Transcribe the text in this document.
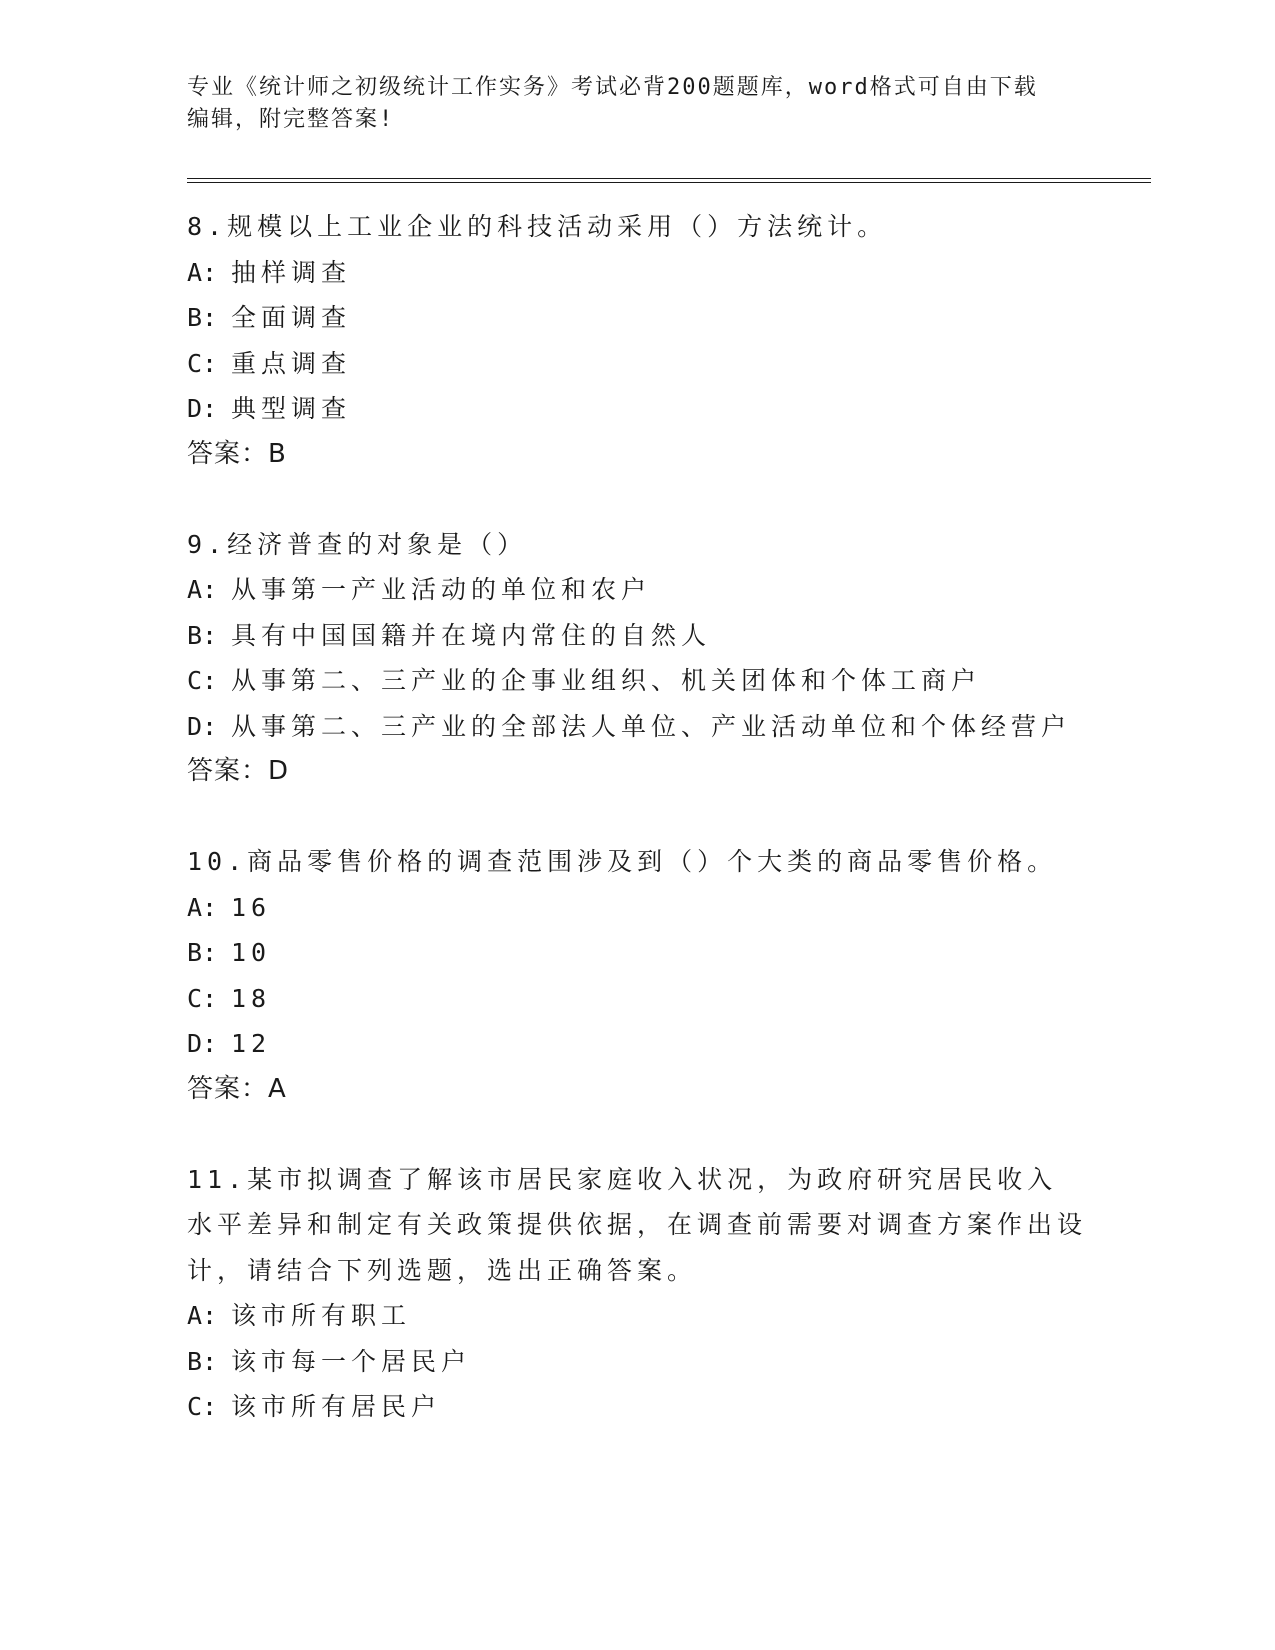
专业《统计师之初级统计工作实务》考试必背200题题库，word格式可自由下载
编辑，附完整答案!
8.规模以上工业企业的科技活动采用（）方法统计。
A: 抽样调查
B: 全面调查
C: 重点调查
D: 典型调查
答案：B
9.经济普查的对象是（）
A: 从事第一产业活动的单位和农户
B: 具有中国国籍并在境内常住的自然人
C: 从事第二、三产业的企事业组织、机关团体和个体工商户
D: 从事第二、三产业的全部法人单位、产业活动单位和个体经营户
答案：D
10.商品零售价格的调查范围涉及到（）个大类的商品零售价格。
A: 16
B: 10
C: 18
D: 12
答案：A
11.某市拟调查了解该市居民家庭收入状况，为政府研究居民收入水平差异和制定有关政策提供依据，在调查前需要对调查方案作出设计，请结合下列选题，选出正确答案。
A: 该市所有职工
B: 该市每一个居民户
C: 该市所有居民户
